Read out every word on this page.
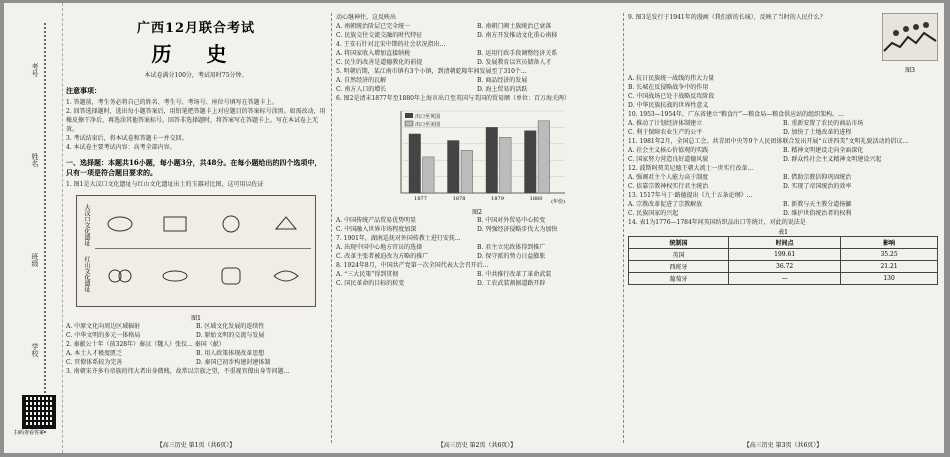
考号
姓名
班级
学校
扫码查看答案
广西12月联合考试
历 史

本试卷满分100分，考试用时75分钟。

注意事项：

1. 答题前，考生务必将自己的姓名、考生号、考场号、座位号填写在答题卡上。

2. 回答选择题时，选出每小题答案后，用铅笔把答题卡上对应题目的答案标号涂黑。如需改动，用橡皮擦干净后，再选涂其他答案标号。回答非选择题时，将答案写在答题卡上。写在本试卷上无效。

3. 考试结束后，将本试卷和答题卡一并交回。

4. 本试卷主要考试内容：高考全部内容。

一、选择题：本题共16小题，每小题3分，共48分。在每小题给出的四个选项中，只有一项是符合题目要求的。

1. 图1是大汶口文化遗址与红山文化遗址出土的玉器对比图，这可用以佐证

大汶口文化遗址
红山文化遗址
图1
A. 中原文化向周边区域辐射	B. 区域文化发展的连续性
C. 中华文明的多元一体格局	D. 原始文明的交流与发展

2. 秦献公十年（前328年）秦汉（魏人）张仪... 秦国（献）

A. 本土人才极度匮乏	B. 用人政策体现改革思想
C. 官僚体系较为完善	D. 秦国已初步构建封建体制

3. 南朝宋齐多有帝族的伟大者出身微贱，故常以宗族之望，不重视官僚出身等问题...

【高三历史 第1页（共6页）】

动心继神往，这反映出

A. 南朝统治阶层已完全统一	B. 南朝门阀士族统治已衰落
C. 民族交往交流交融的时代特征	D. 南方开发推动文化重心南移

4. 王安石针对北宋中期的社会状况指出...

A. 将国家收入增加直接纳税	B. 运用行政手段调整经济关系
C. 民生的改善是道德教化的前提	D. 发展教育以官员储备人才

5. 明朝后期，某江南市镇有3个小镇，到清朝乾隆年间发展至了310个...

A. 自然经济的瓦解	B. 商品经济的发展
C. 南方人口的增长	D. 海上贸易的活跃

6. 图2是清末1877年至1880年上海市出口至英国与美国的贸易额（单位：百万海关两）

1877	1878	1879	1880 (年份)
出口至英国
出口至美国
图2
A. 中国传统产品贸易优势明显	B. 中国对外贸易中心转变
C. 中国融入世界市场程度加深	D. 列强经济侵略步伐大为加快

7. 1901年，湖南巡抚对外国传教士进行安抚...

A. 出现中国中心地方官员的选择	B. 君主立宪政体得到推广
C. 改革主张者被迫改为方略的推广	D. 保守派的势力日益膨胀

8. 1924年8月，中国共产党第一次全国代表大会召开后...

A. “三大民策”得到贯彻	B. 中共推行改革了革命武装
C. 国民革命的目标的转变	D. 工农武装割据道路开辟
【高三历史 第2页（共6页）】

9. 图3是发行于1941年的漫画（我们新的长城），反映了当时的人民什么？

图3

A. 抗日民族统一战线的伟大力量

B. 长城在反侵略战争中的作用

C. 中国战场已处于战略反攻阶段

D. 中华民族抗战的世界性意义

10. 1953—1954年，广东省建立“粮食厅”—粮食局—粮食供应站的组织架构。...

A. 推动了计划经济体制建立	B. 重新安置了农民的商品市场
C. 利于保障农业生产的公平	D. 加快了土地改革的进程

11. 1981年2月，全国总工会、共青团中央等9个人民团体联合发出开展“五讲四美”文明礼貌活动的倡议...

A. 社会主义核心价值观的实践	B. 精神文明建设走向全面深化
C. 国家努力营造良好道德风貌	D. 群众性社会主义精神文明建设兴起

12. 波斯阿契美尼德王朝大流士一世实行改革...

A. 强调君主个人能力高于制度	B. 借助宗教信仰巩固统治
C. 依靠宗教神权实行君主统治	D. 实现了帝国统治的效率

13. 1517年马丁·路德提出《九十五条论纲》...

A. 宗教改革促进了宗教解放	B. 新教与天主教分道扬镳
C. 民族国家的兴起	D. 维护世俗统治者的权利

14. 表1为1776—1784年间英国纺织品出口等统计，对此的说法是

表1
统制国	时间点	影响
英国	199.61	35.25
西班牙	36.72	21.21
葡萄牙	—	130
【高三历史 第3页（共6页）】
